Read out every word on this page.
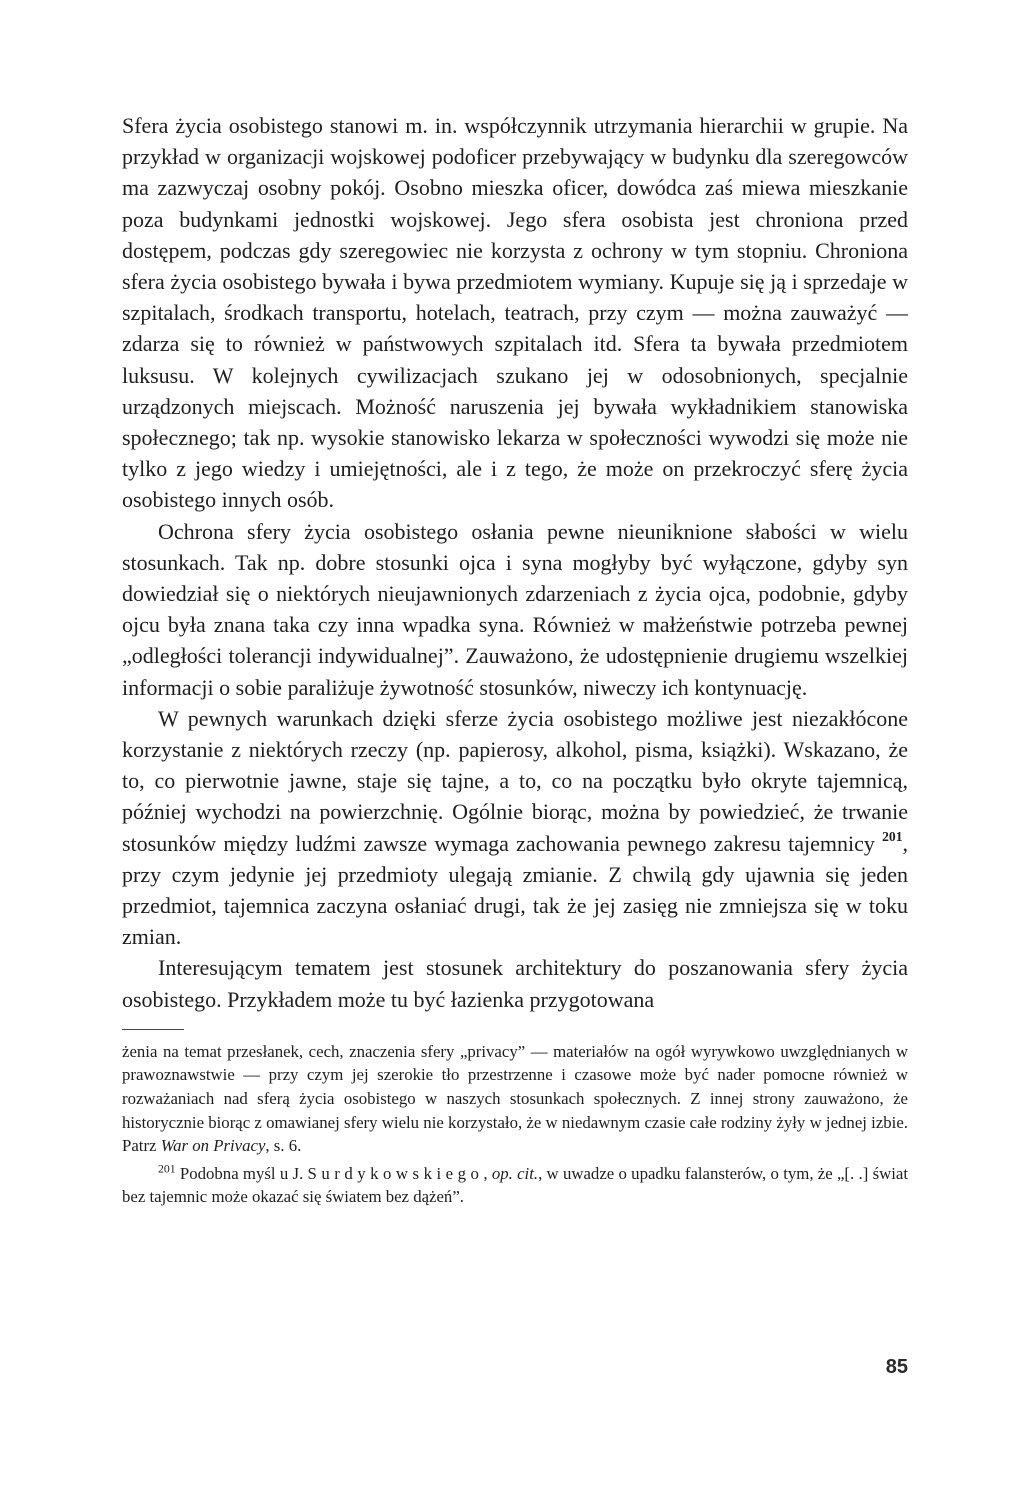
Sfera życia osobistego stanowi m. in. współczynnik utrzymania hierarchii w grupie. Na przykład w organizacji wojskowej podoficer przebywający w budynku dla szeregowców ma zazwyczaj osobny pokój. Osobno mieszka oficer, dowódca zaś miewa mieszkanie poza budynkami jednostki wojskowej. Jego sfera osobista jest chroniona przed dostępem, podczas gdy szeregowiec nie korzysta z ochrony w tym stopniu. Chroniona sfera życia osobistego bywała i bywa przedmiotem wymiany. Kupuje się ją i sprzedaje w szpitalach, środkach transportu, hotelach, teatrach, przy czym — można zauważyć — zdarza się to również w państwowych szpitalach itd. Sfera ta bywała przedmiotem luksusu. W kolejnych cywilizacjach szukano jej w odosobnionych, specjalnie urządzonych miejscach. Możność naruszenia jej bywała wykładnikiem stanowiska społecznego; tak np. wysokie stanowisko lekarza w społeczności wywodzi się może nie tylko z jego wiedzy i umiejętności, ale i z tego, że może on przekroczyć sferę życia osobistego innych osób.

Ochrona sfery życia osobistego osłania pewne nieuniknione słabości w wielu stosunkach. Tak np. dobre stosunki ojca i syna mogłyby być wyłączone, gdyby syn dowiedział się o niektórych nieujawnionych zdarzeniach z życia ojca, podobnie, gdyby ojcu była znana taka czy inna wpadka syna. Również w małżeństwie potrzeba pewnej „odległości tolerancji indywidualnej”. Zauważono, że udostępnienie drugiemu wszelkiej informacji o sobie paraliżuje żywotność stosunków, niweczy ich kontynuację.

W pewnych warunkach dzięki sferze życia osobistego możliwe jest niezakłócone korzystanie z niektórych rzeczy (np. papierosy, alkohol, pisma, książki). Wskazano, że to, co pierwotnie jawne, staje się tajne, a to, co na początku było okryte tajemnicą, później wychodzi na powierzchnię. Ogólnie biorąc, można by powiedzieć, że trwanie stosunków między ludźmi zawsze wymaga zachowania pewnego zakresu tajemnicy $^{201}$, przy czym jedynie jej przedmioty ulegają zmianie. Z chwilą gdy ujawnia się jeden przedmiot, tajemnica zaczyna osłaniać drugi, tak że jej zasięg nie zmniejsza się w toku zmian.

Interesującym tematem jest stosunek architektury do poszanowania sfery życia osobistego. Przykładem może tu być łazienka przygotowana

żenia na temat przesłanek, cech, znaczenia sfery „privacy” — materiałów na ogół wyrywkowo uwzględnianych w prawoznawstwie — przy czym jej szerokie tło przestrzenne i czasowe może być nader pomocne również w rozważaniach nad sferą życia osobistego w naszych stosunkach społecznych. Z innej strony zauważono, że historycznie biorąc z omawianej sfery wielu nie korzystało, że w niedawnym czasie całe rodziny żyły w jednej izbie. Patrz War on Privacy, s. 6.

$^{201}$ Podobna myśl u J. Surdykowskiego, op. cit., w uwadze o upadku falansterów, o tym, że „[. .] świat bez tajemnic może okazać się światem bez dążeń”.

85
